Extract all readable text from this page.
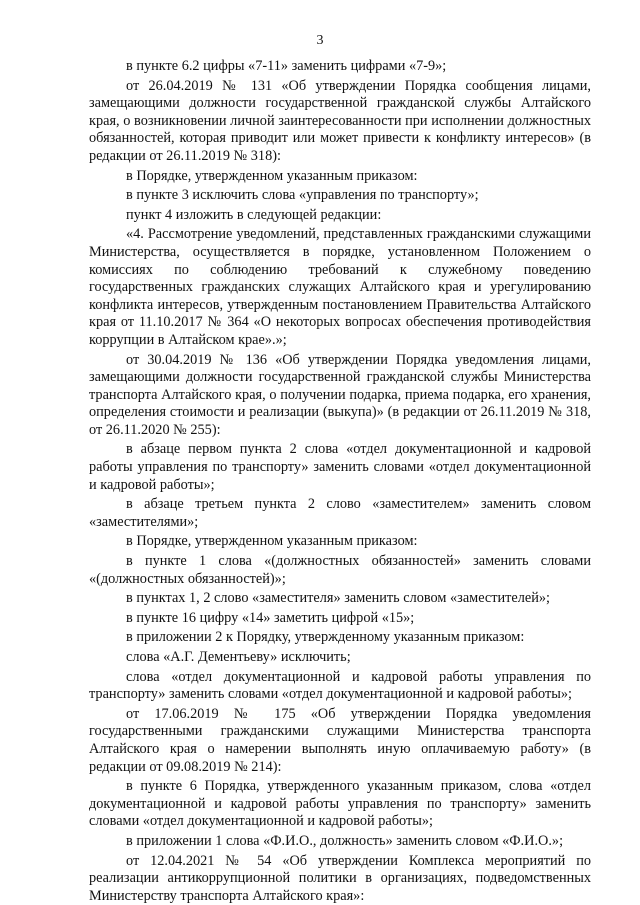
3

в пункте 6.2 цифры «7-11» заменить цифрами «7-9»;

от 26.04.2019 № 131 «Об утверждении Порядка сообщения лицами, замещающими должности государственной гражданской службы Алтайского края, о возникновении личной заинтересованности при исполнении должностных обязанностей, которая приводит или может привести к конфликту интересов» (в редакции от 26.11.2019 № 318):

в Порядке, утвержденном указанным приказом:

в пункте 3 исключить слова «управления по транспорту»;

пункт 4 изложить в следующей редакции:

«4. Рассмотрение уведомлений, представленных гражданскими служащими Министерства, осуществляется в порядке, установленном Положением о комиссиях по соблюдению требований к служебному поведению государственных гражданских служащих Алтайского края и урегулированию конфликта интересов, утвержденным постановлением Правительства Алтайского края от 11.10.2017 № 364 «О некоторых вопросах обеспечения противодействия коррупции в Алтайском крае».»;

от 30.04.2019 № 136 «Об утверждении Порядка уведомления лицами, замещающими должности государственной гражданской службы Министерства транспорта Алтайского края, о получении подарка, приема подарка, его хранения, определения стоимости и реализации (выкупа)» (в редакции от 26.11.2019 № 318, от 26.11.2020 № 255):

в абзаце первом пункта 2 слова «отдел документационной и кадровой работы управления по транспорту» заменить словами «отдел документационной и кадровой работы»;

в абзаце третьем пункта 2 слово «заместителем» заменить словом «заместителями»;

в Порядке, утвержденном указанным приказом:

в пункте 1 слова «(должностных обязанностей» заменить словами «(должностных обязанностей)»;

в пунктах 1, 2 слово «заместителя» заменить словом «заместителей»;

в пункте 16 цифру «14» заметить цифрой «15»;

в приложении 2 к Порядку, утвержденному указанным приказом:

слова «А.Г. Дементьеву» исключить;

слова «отдел документационной и кадровой работы управления по транспорту» заменить словами «отдел документационной и кадровой работы»;

от 17.06.2019 № 175 «Об утверждении Порядка уведомления государственными гражданскими служащими Министерства транспорта Алтайского края о намерении выполнять иную оплачиваемую работу» (в редакции от 09.08.2019 № 214):

в пункте 6 Порядка, утвержденного указанным приказом, слова «отдел документационной и кадровой работы управления по транспорту» заменить словами «отдел документационной и кадровой работы»;

в приложении 1 слова «Ф.И.О., должность» заменить словом «Ф.И.О.»;

от 12.04.2021 № 54 «Об утверждении Комплекса мероприятий по реализации антикоррупционной политики в организациях, подведомственных Министерству транспорта Алтайского края»:
